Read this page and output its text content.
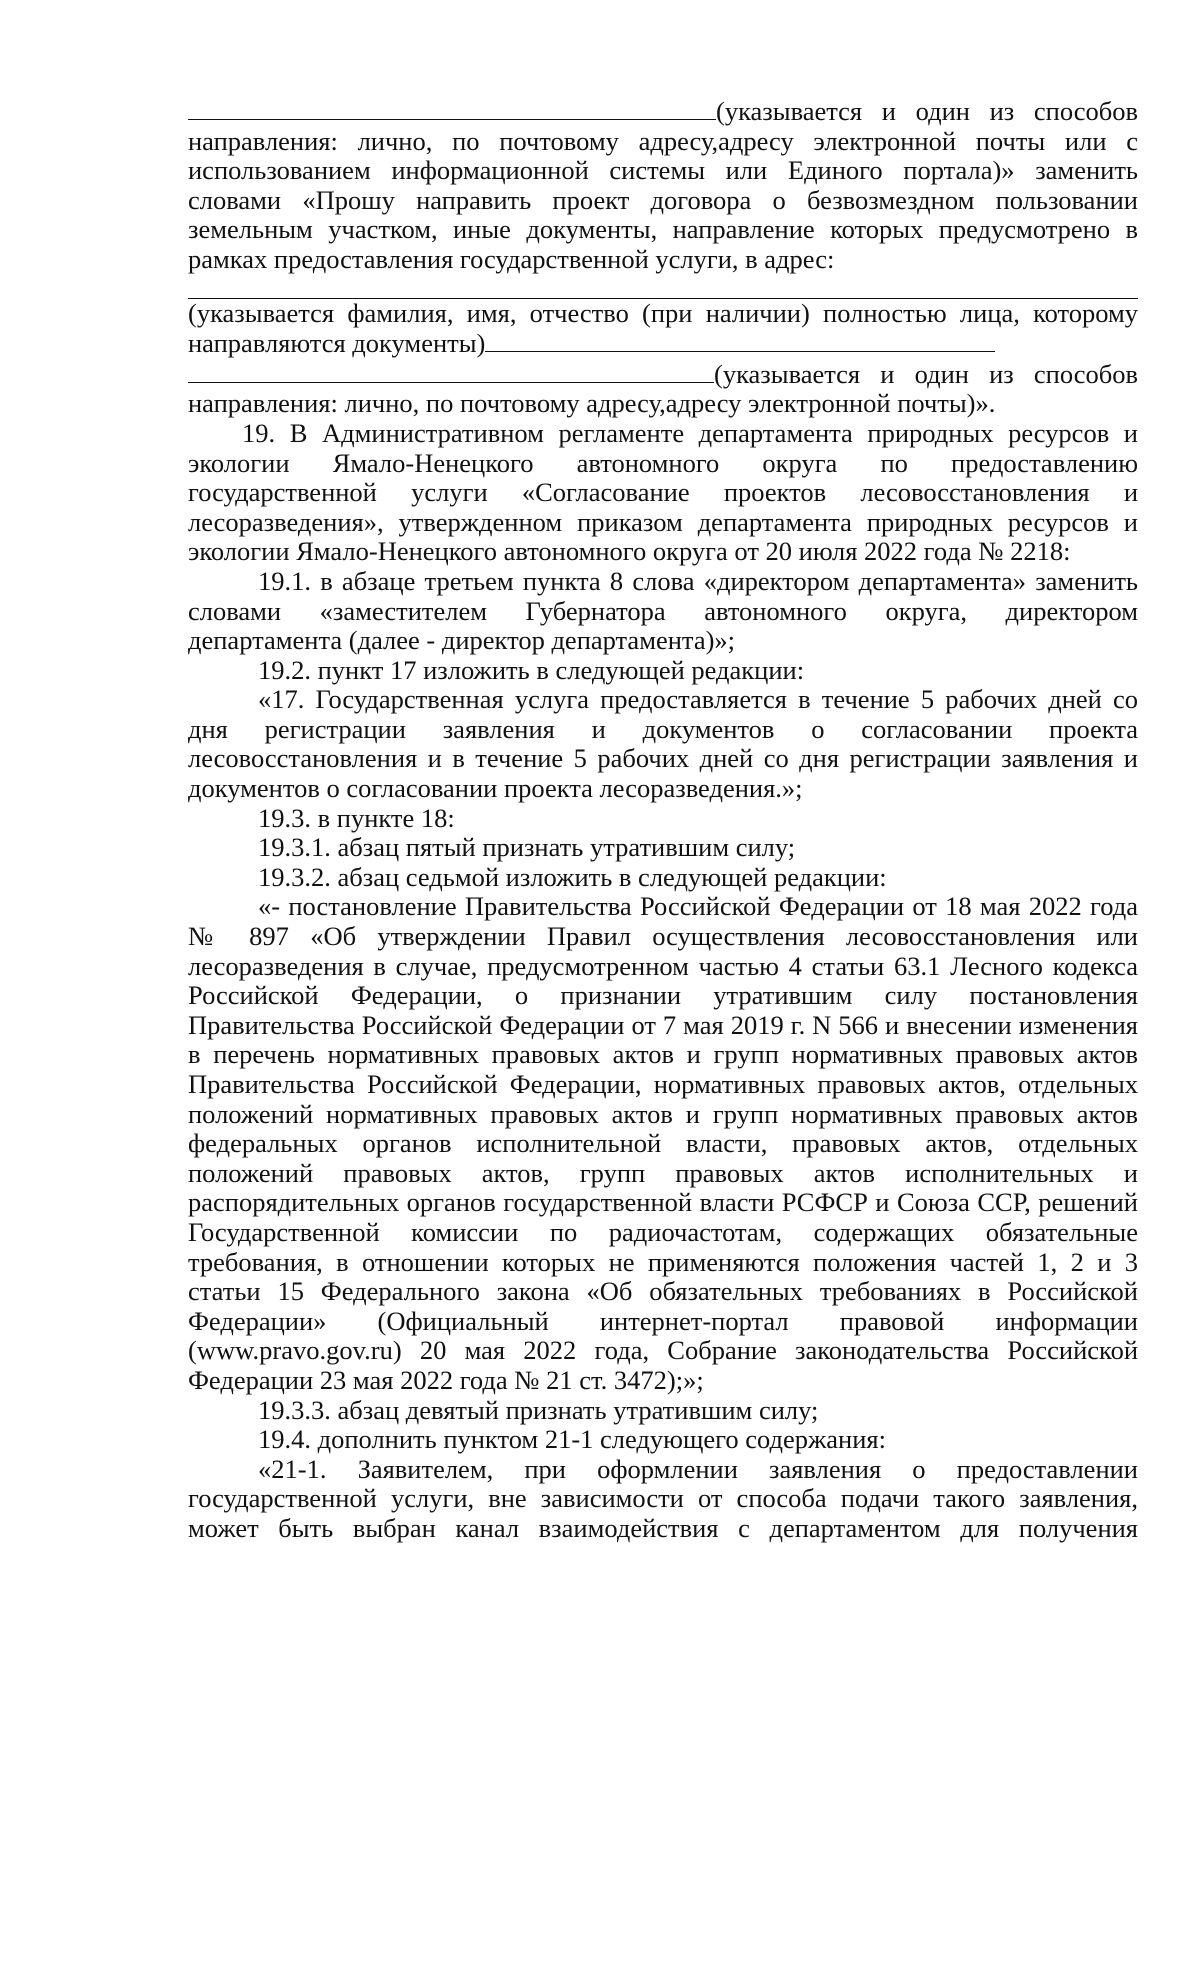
(указывается и один из способов направления: лично, по почтовому адресу,адресу электронной почты или с использованием информационной системы или Единого портала)» заменить словами «Прошу направить проект договора о безвозмездном пользовании земельным участком, иные документы, направление которых предусмотрено в рамках предоставления государственной услуги, в адрес:

(указывается фамилия, имя, отчество (при наличии) полностью лица, которому направляются документы)

(указывается и один из способов направления: лично, по почтовому адресу,адресу электронной почты)».

19. В Административном регламенте департамента природных ресурсов и экологии Ямало-Ненецкого автономного округа по предоставлению государственной услуги «Согласование проектов лесовосстановления и лесоразведения», утвержденном приказом департамента природных ресурсов и экологии Ямало-Ненецкого автономного округа от 20 июля 2022 года № 2218:

19.1. в абзаце третьем пункта 8 слова «директором департамента» заменить словами «заместителем Губернатора автономного округа, директором департамента (далее - директор департамента)»;

19.2. пункт 17 изложить в следующей редакции:

«17. Государственная услуга предоставляется в течение 5 рабочих дней со дня регистрации заявления и документов о согласовании проекта лесовосстановления и в течение 5 рабочих дней со дня регистрации заявления и документов о согласовании проекта лесоразведения.»;

19.3. в пункте 18:

19.3.1. абзац пятый признать утратившим силу;

19.3.2. абзац седьмой изложить в следующей редакции:

«- постановление Правительства Российской Федерации от 18 мая 2022 года № 897 «Об утверждении Правил осуществления лесовосстановления или лесоразведения в случае, предусмотренном частью 4 статьи 63.1 Лесного кодекса Российской Федерации, о признании утратившим силу постановления Правительства Российской Федерации от 7 мая 2019 г. N 566 и внесении изменения в перечень нормативных правовых актов и групп нормативных правовых актов Правительства Российской Федерации, нормативных правовых актов, отдельных положений нормативных правовых актов и групп нормативных правовых актов федеральных органов исполнительной власти, правовых актов, отдельных положений правовых актов, групп правовых актов исполнительных и распорядительных органов государственной власти РСФСР и Союза ССР, решений Государственной комиссии по радиочастотам, содержащих обязательные требования, в отношении которых не применяются положения частей 1, 2 и 3 статьи 15 Федерального закона «Об обязательных требованиях в Российской Федерации» (Официальный интернет-портал правовой информации (www.pravo.gov.ru) 20 мая 2022 года, Собрание законодательства Российской Федерации 23 мая 2022 года № 21 ст. 3472);»;

19.3.3. абзац девятый признать утратившим силу;

19.4. дополнить пунктом 21-1 следующего содержания:

«21-1. Заявителем, при оформлении заявления о предоставлении государственной услуги, вне зависимости от способа подачи такого заявления, может быть выбран канал взаимодействия с департаментом для получения
